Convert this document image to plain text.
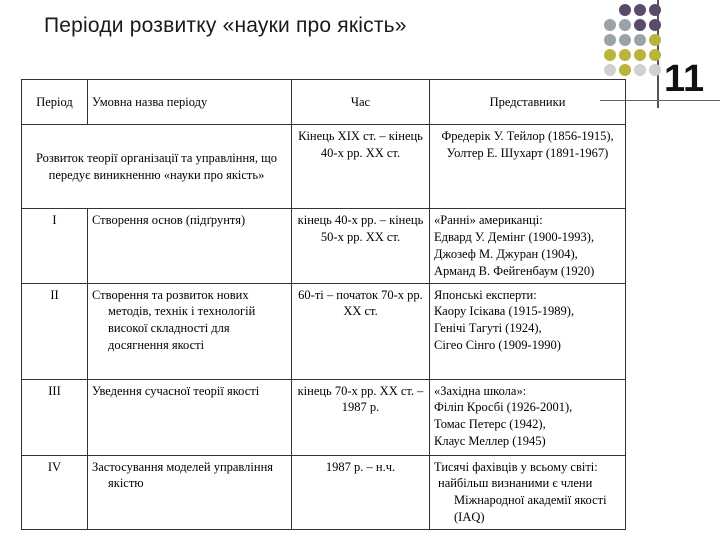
Періоди розвитку «науки про якість»
11
Період	Умовна назва періоду	Час	Представники
Розвиток теорії організації та управління, що передує виникненню «науки про якість»		Кінець XIX ст. – кінець 40-х рр. XX ст.	Фредерік У. Тейлор (1856-1915), Уолтер Е. Шухарт (1891-1967)
I	Створення основ (підґрунтя)	кінець 40-х рр. – кінець 50-х рр. XX ст.	«Ранні» американці:
Едвард У. Демінг (1900-1993),
Джозеф М. Джуран (1904),
Арманд В. Фейгенбаум (1920)

II	Створення та розвиток нових методів, технік і технологій високої складності для досягнення якості	60-ті – початок 70-х рр. XX ст.	Японські експерти:
Каору Ісікава (1915-1989),
Генічі Тагуті (1924),
Сігео Сінго (1909-1990)

III	Уведення сучасної теорії якості	кінець 70-х рр. XX ст. – 1987 р.	«Західна школа»:
Філіп Кросбі (1926-2001),
Томас Петерс (1942),
Клаус Меллер (1945)

IV	Застосування моделей управління якістю	1987 р. – н.ч.	Тисячі фахівців у всьому світі:
найбільш визнаними є члени Міжнародної академії якості (IAQ)
